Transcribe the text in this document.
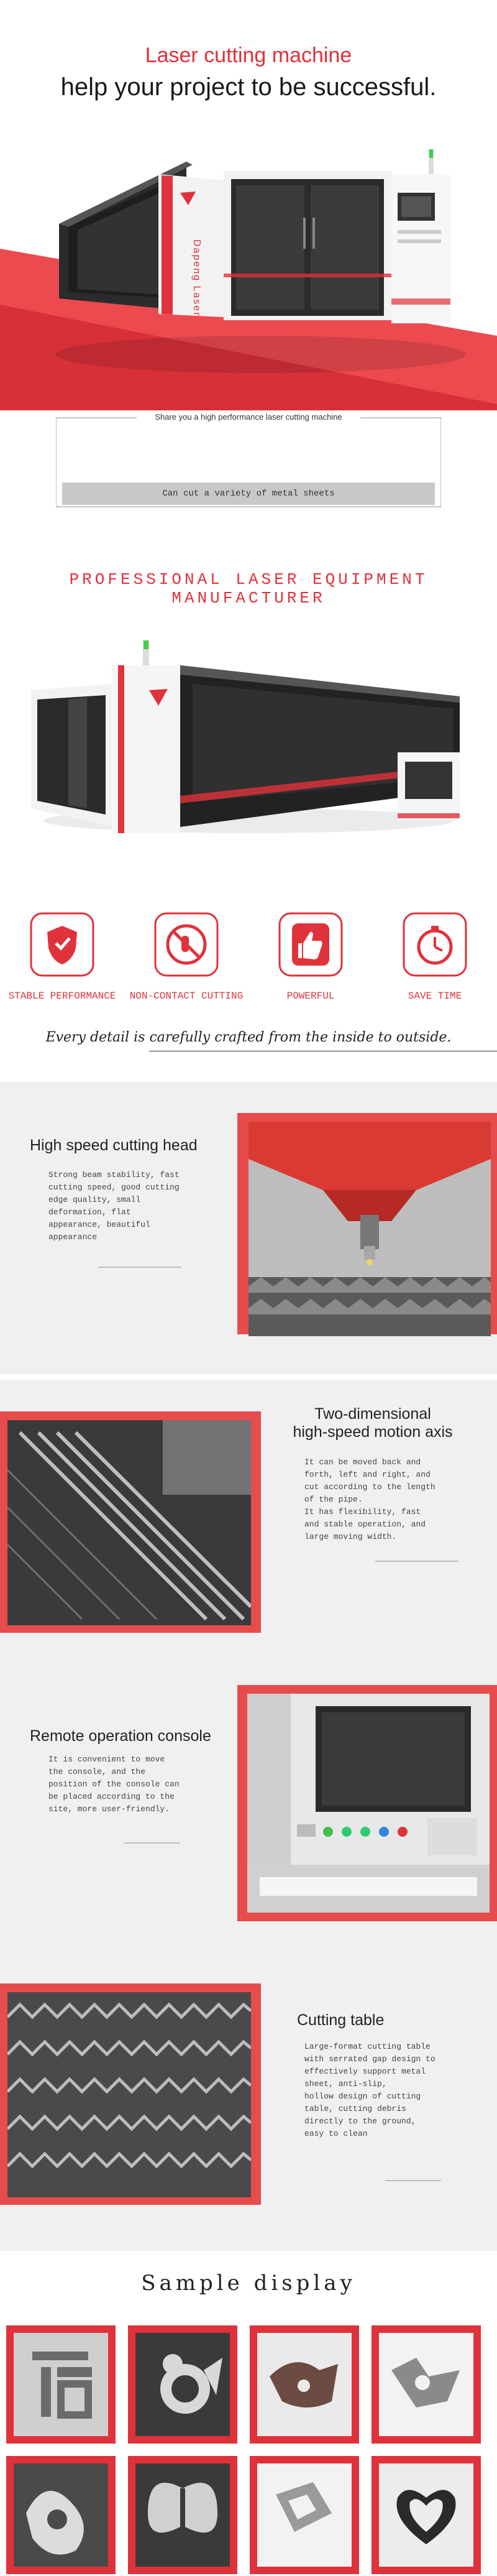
Laser cutting machine
help your project to be successful.
Dapeng Laser
Share you a high performance laser cutting machine
Can cut a variety of metal sheets
PROFESSIONAL LASER EQUIPMENT MANUFACTURER
STABLE PERFORMANCE	NON-CONTACT CUTTING	POWERFUL	SAVE TIME
Every detail is carefully crafted from the inside to outside.
High speed cutting head
Strong beam stability, fast
cutting speed, good cutting
edge quality, small
deformation, flat
appearance, beautiful
appearance
Two-dimensional
high-speed motion axis
It can be moved back and
forth, left and right, and
cut according to the length
of the pipe.
It has flexibility, fast
and stable operation, and
large moving width.
Remote operation console
It is convenient to move
the console, and the
position of the console can
be placed according to the
site, more user-friendly.
Cutting table
Large-format cutting table
with serrated gap design to
effectively support metal
sheet, anti-slip,
hollow design of cutting
table, cutting debris
directly to the ground,
easy to clean
Sample display
